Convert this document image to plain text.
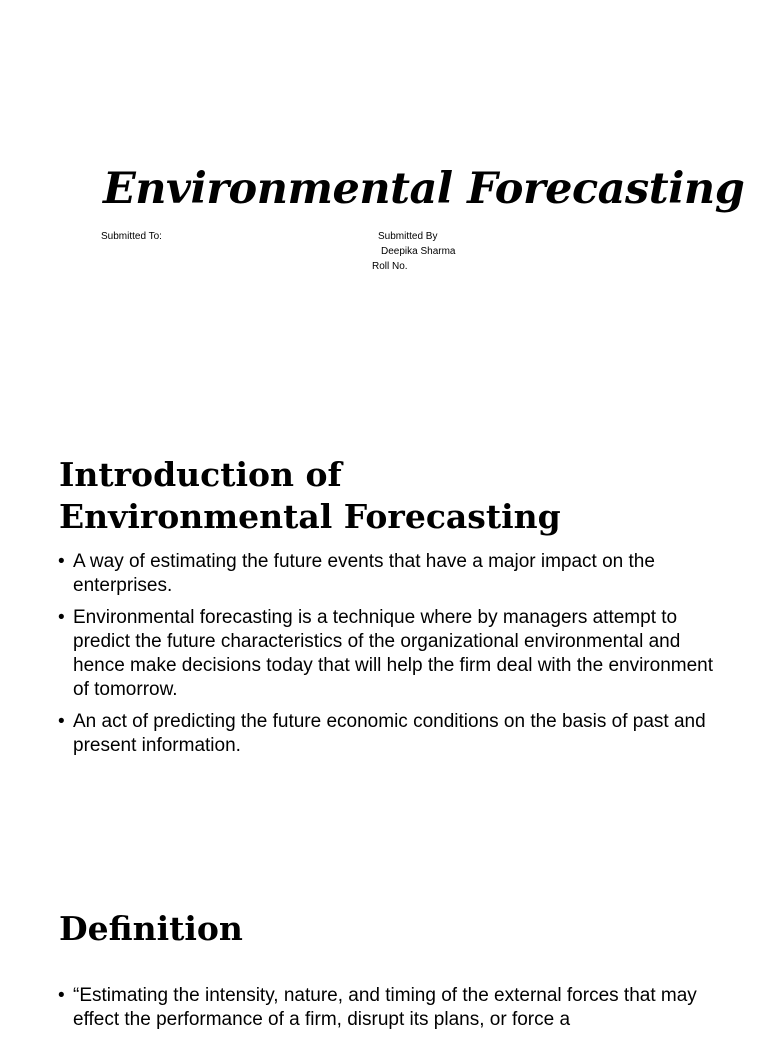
Environmental Forecasting
Submitted To:	Submitted By
Deepika Sharma
Roll No.
Introduction of Environmental Forecasting
• A way of estimating the future events that have a major impact on the enterprises.
• Environmental forecasting is a technique where by managers attempt to predict the future characteristics of the organizational environmental and hence make decisions today that will help the firm deal with the environment of tomorrow.
• An act of predicting the future economic conditions on the basis of past and present information.
Definition
• “Estimating the intensity, nature, and timing of the external forces that may effect the performance of a firm, disrupt its plans, or force a
